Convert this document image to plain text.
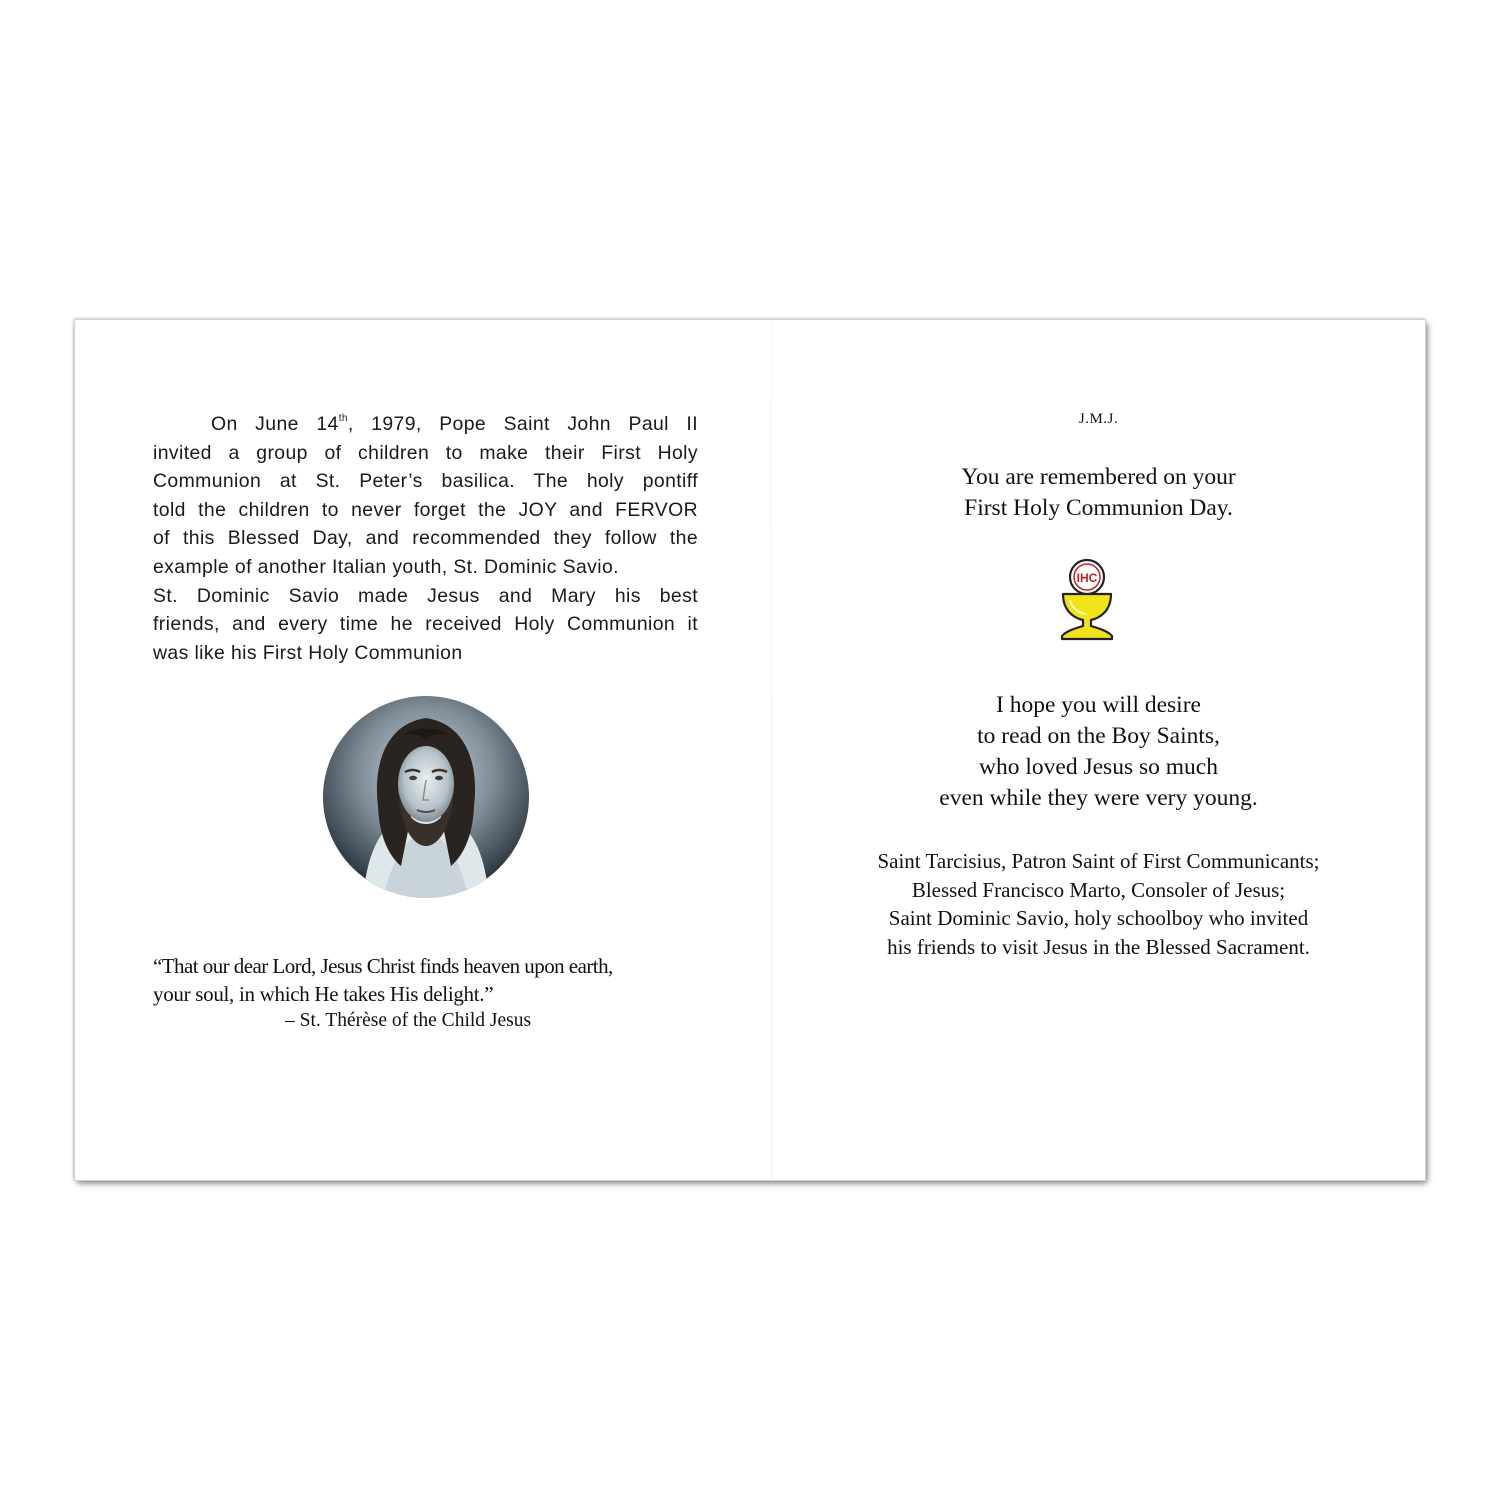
On June 14th, 1979, Pope Saint John Paul II
invited a group of children to make their First Holy
Communion at St. Peter’s basilica. The holy pontiff
told the children to never forget the JOY and FERVOR
of this Blessed Day, and recommended they follow the
example of another Italian youth, St. Dominic Savio.
St. Dominic Savio made Jesus and Mary his best
friends, and every time he received Holy Communion it
was like his First Holy Communion
“That our dear Lord, Jesus Christ finds heaven upon earth,
your soul, in which He takes His delight.”
– St. Thérèse of the Child Jesus
J.M.J.
You are remembered on your
First Holy Communion Day.
IHC
I hope you will desire
to read on the Boy Saints,
who loved Jesus so much
even while they were very young.
Saint Tarcisius, Patron Saint of First Communicants;
Blessed Francisco Marto, Consoler of Jesus;
Saint Dominic Savio, holy schoolboy who invited
his friends to visit Jesus in the Blessed Sacrament.
